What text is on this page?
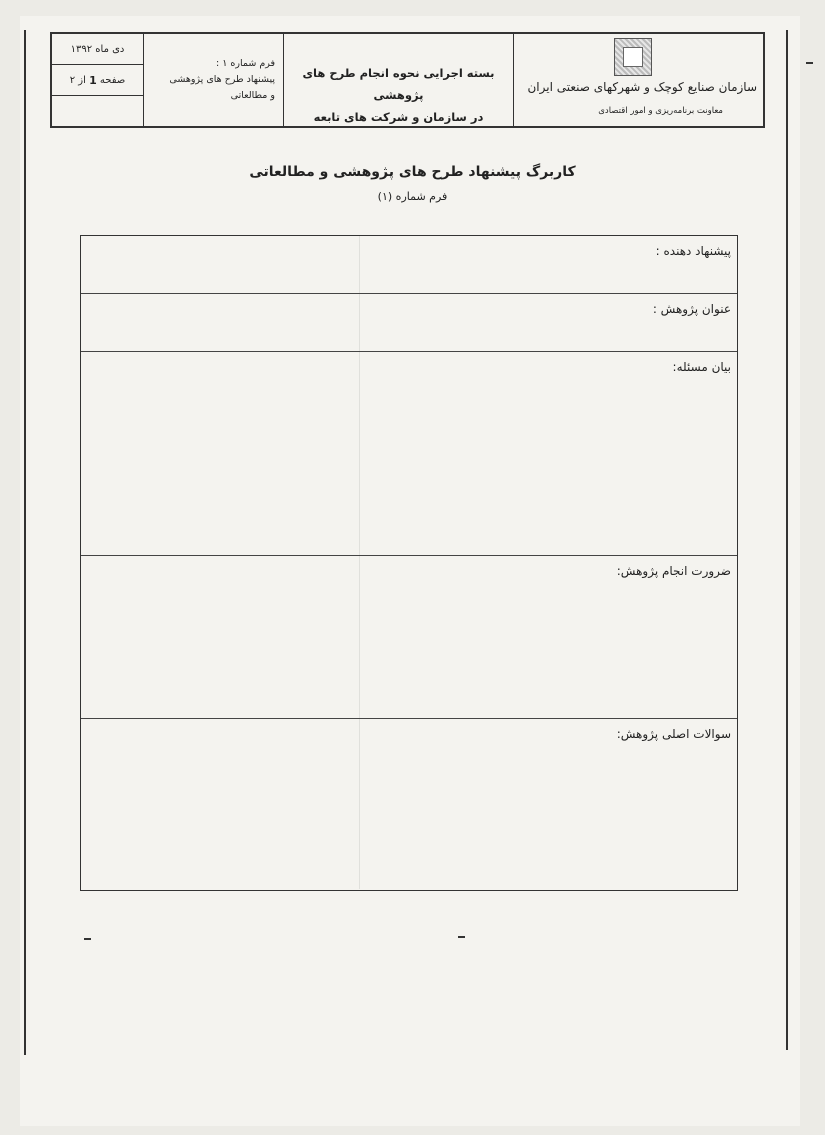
دی ماه ۱۳۹۲
صفحه

1

از

۲
فرم شماره ۱ :
پیشنهاد طرح های پژوهشی
و مطالعاتی
بسته اجرایی نحوه انجام طرح های پژوهشی
در سازمان و شرکت های تابعه
سازمان صنایع کوچک و شهرکهای صنعتی ایران
معاونت برنامه‌ریزی و امور اقتصادی
کاربرگ پیشنهاد طرح های پژوهشی و مطالعاتی
فرم شماره (۱)
پیشنهاد دهنده :
عنوان پژوهش :
بیان مسئله:
ضرورت انجام پژوهش:
سوالات اصلی پژوهش:
